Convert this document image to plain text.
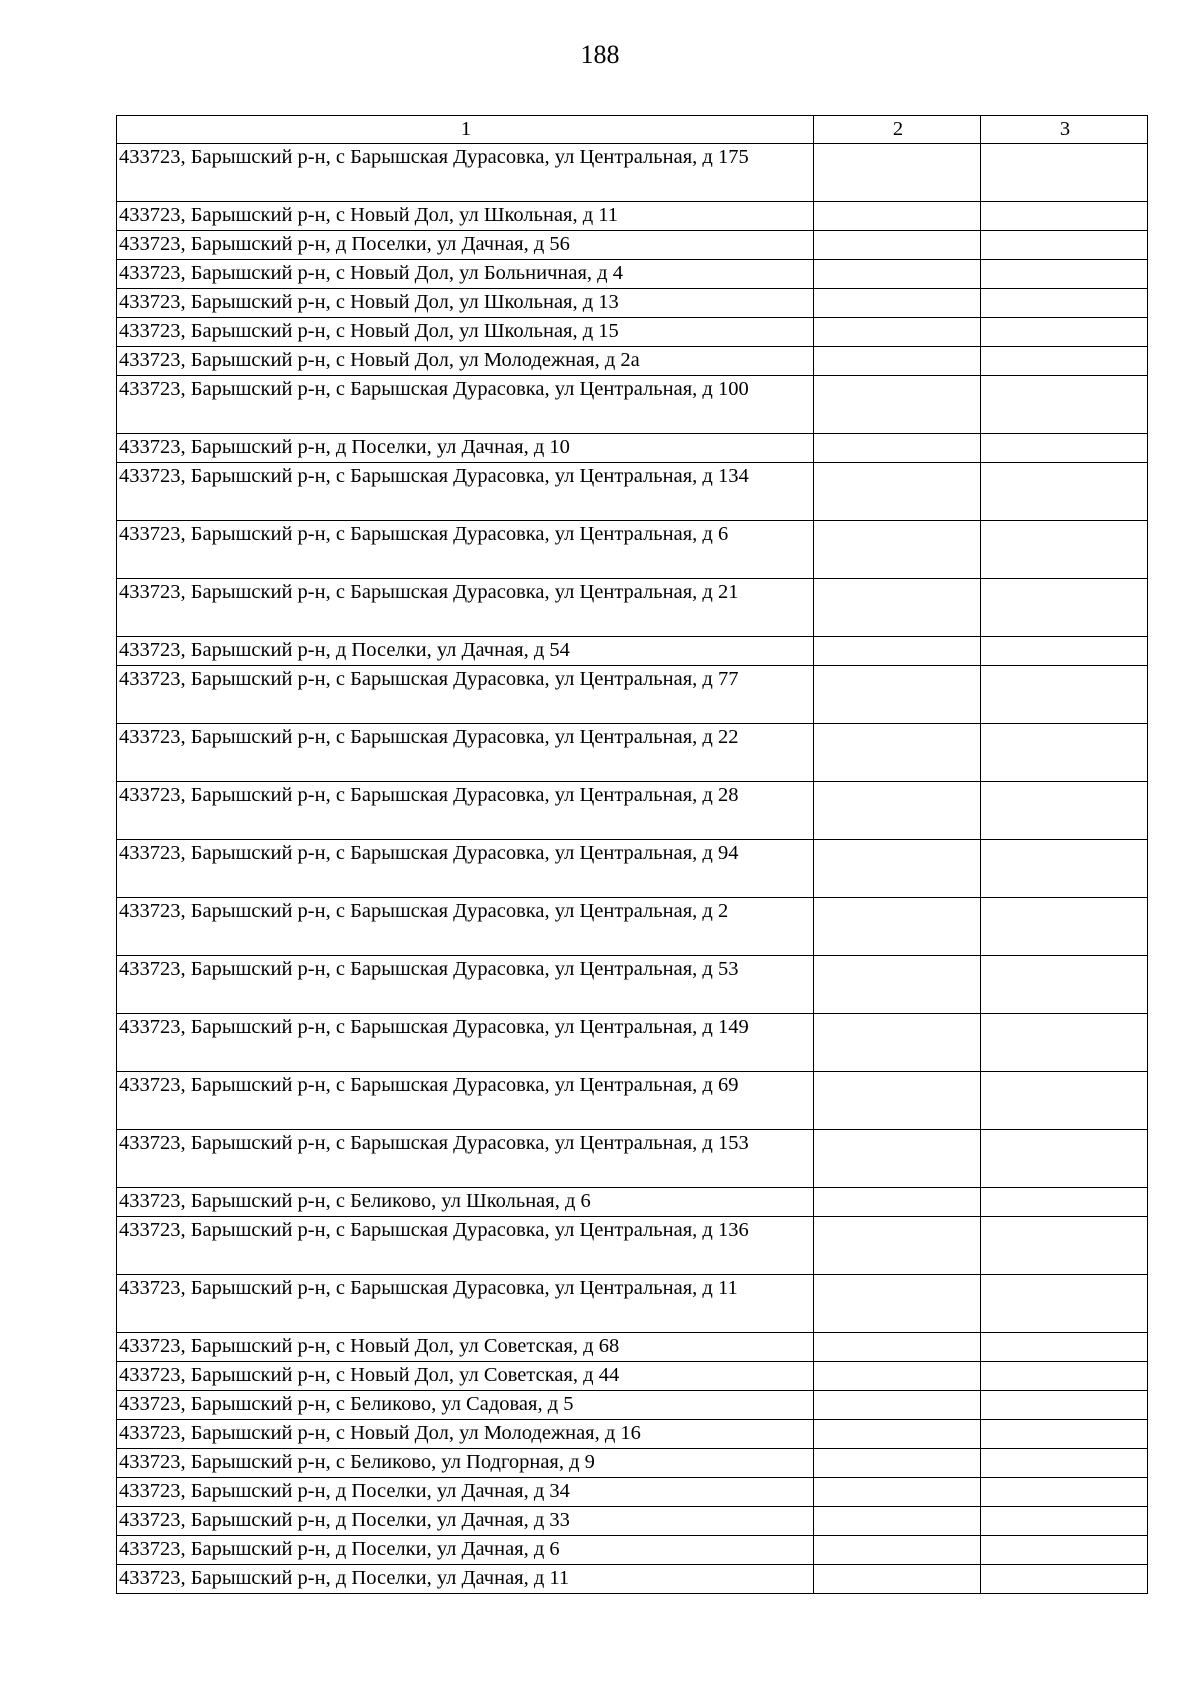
188
1	2	3
433723, Барышский р-н, с Барышская Дурасовка, ул Центральная, д 175		
433723, Барышский р-н, с Новый Дол, ул Школьная, д 11		
433723, Барышский р-н, д Поселки, ул Дачная, д 56		
433723, Барышский р-н, с Новый Дол, ул Больничная, д 4		
433723, Барышский р-н, с Новый Дол, ул Школьная, д 13		
433723, Барышский р-н, с Новый Дол, ул Школьная, д 15		
433723, Барышский р-н, с Новый Дол, ул Молодежная, д 2а		
433723, Барышский р-н, с Барышская Дурасовка, ул Центральная, д 100		
433723, Барышский р-н, д Поселки, ул Дачная, д 10		
433723, Барышский р-н, с Барышская Дурасовка, ул Центральная, д 134		
433723, Барышский р-н, с Барышская Дурасовка, ул Центральная, д 6		
433723, Барышский р-н, с Барышская Дурасовка, ул Центральная, д 21		
433723, Барышский р-н, д Поселки, ул Дачная, д 54		
433723, Барышский р-н, с Барышская Дурасовка, ул Центральная, д 77		
433723, Барышский р-н, с Барышская Дурасовка, ул Центральная, д 22		
433723, Барышский р-н, с Барышская Дурасовка, ул Центральная, д 28		
433723, Барышский р-н, с Барышская Дурасовка, ул Центральная, д 94		
433723, Барышский р-н, с Барышская Дурасовка, ул Центральная, д 2		
433723, Барышский р-н, с Барышская Дурасовка, ул Центральная, д 53		
433723, Барышский р-н, с Барышская Дурасовка, ул Центральная, д 149		
433723, Барышский р-н, с Барышская Дурасовка, ул Центральная, д 69		
433723, Барышский р-н, с Барышская Дурасовка, ул Центральная, д 153		
433723, Барышский р-н, с Беликово, ул Школьная, д 6		
433723, Барышский р-н, с Барышская Дурасовка, ул Центральная, д 136		
433723, Барышский р-н, с Барышская Дурасовка, ул Центральная, д 11		
433723, Барышский р-н, с Новый Дол, ул Советская, д 68		
433723, Барышский р-н, с Новый Дол, ул Советская, д 44		
433723, Барышский р-н, с Беликово, ул Садовая, д 5		
433723, Барышский р-н, с Новый Дол, ул Молодежная, д 16		
433723, Барышский р-н, с Беликово, ул Подгорная, д 9		
433723, Барышский р-н, д Поселки, ул Дачная, д 34		
433723, Барышский р-н, д Поселки, ул Дачная, д 33		
433723, Барышский р-н, д Поселки, ул Дачная, д 6		
433723, Барышский р-н, д Поселки, ул Дачная, д 11		
